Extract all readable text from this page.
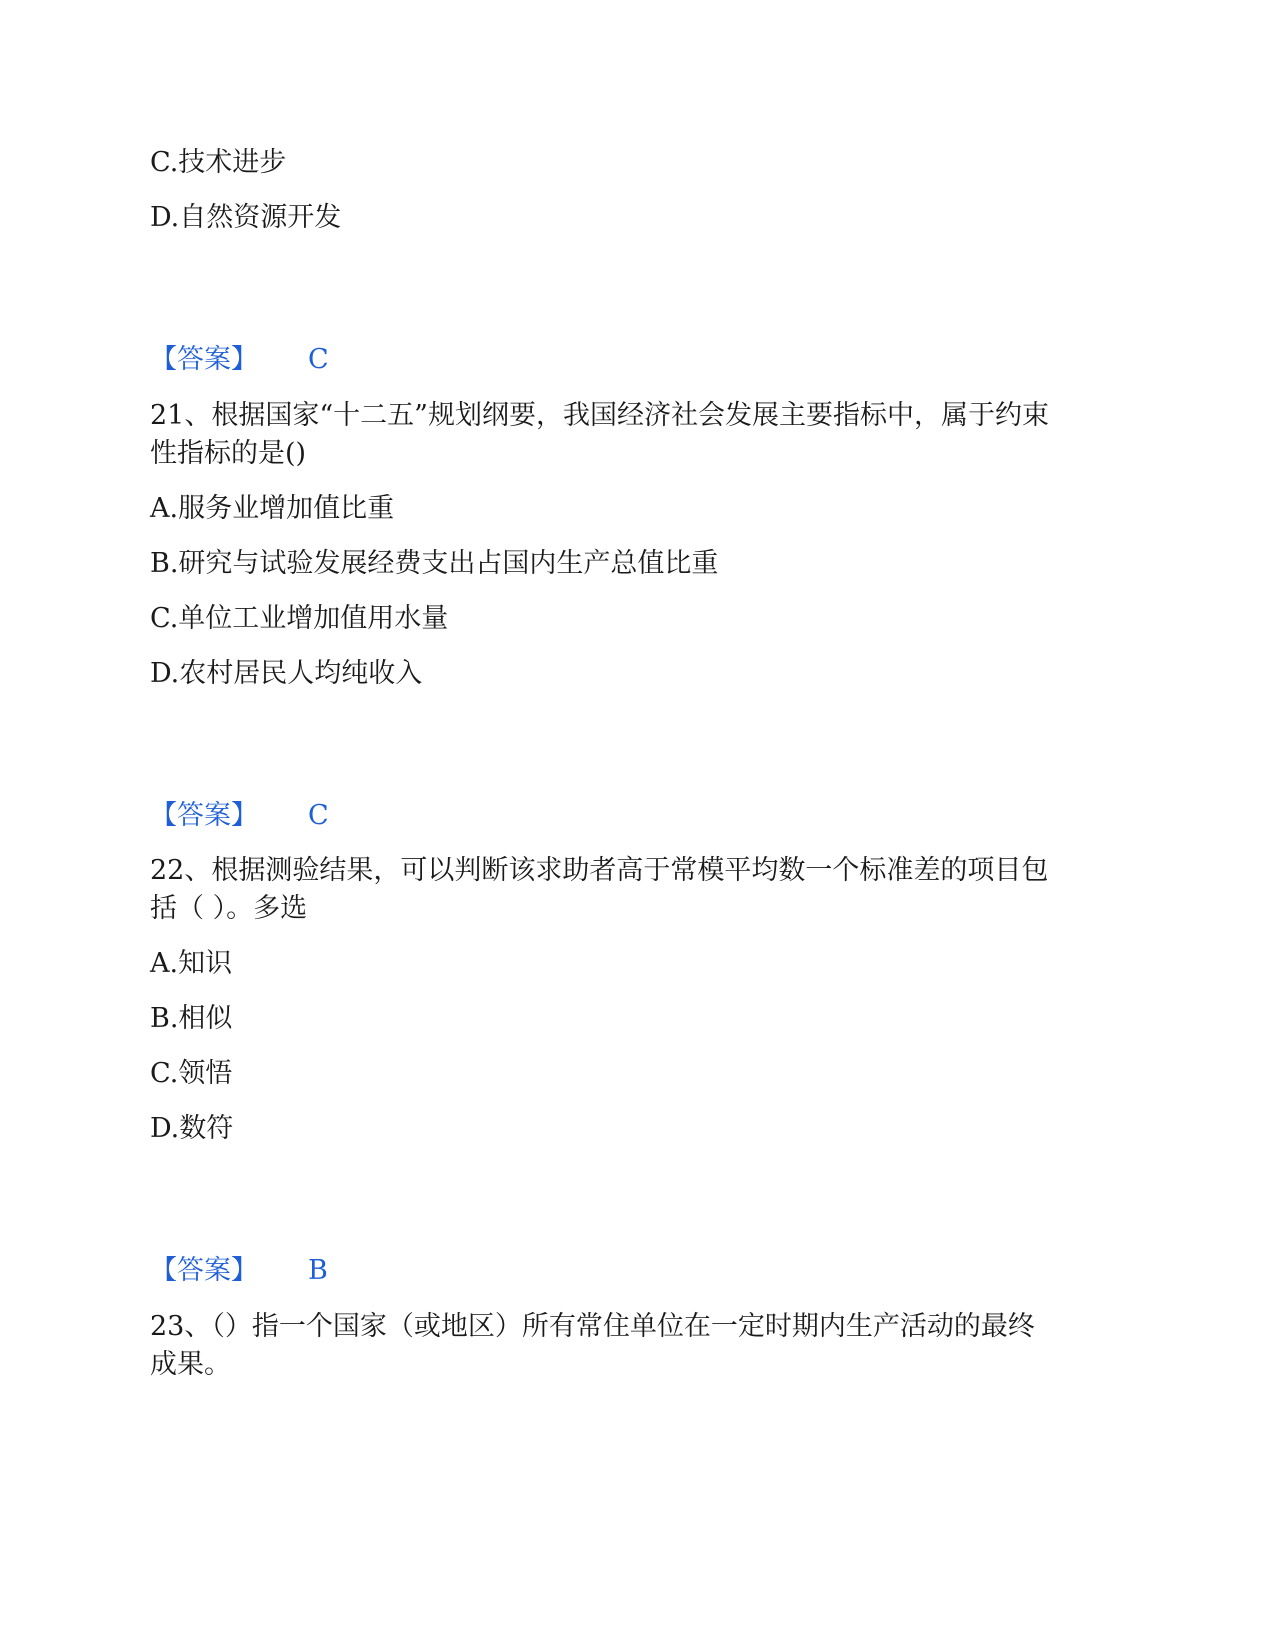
C.技术进步
D.自然资源开发
【答案】 C
21、根据国家“十二五”规划纲要，我国经济社会发展主要指标中，属于约束
性指标的是()
A.服务业增加值比重
B.研究与试验发展经费支出占国内生产总值比重
C.单位工业增加值用水量
D.农村居民人均纯收入
【答案】 C
22、根据测验结果，可以判断该求助者高于常模平均数一个标准差的项目包
括（ ）。多选
A.知识
B.相似
C.领悟
D.数符
【答案】 B
23、（）指一个国家（或地区）所有常住单位在一定时期内生产活动的最终
成果。
